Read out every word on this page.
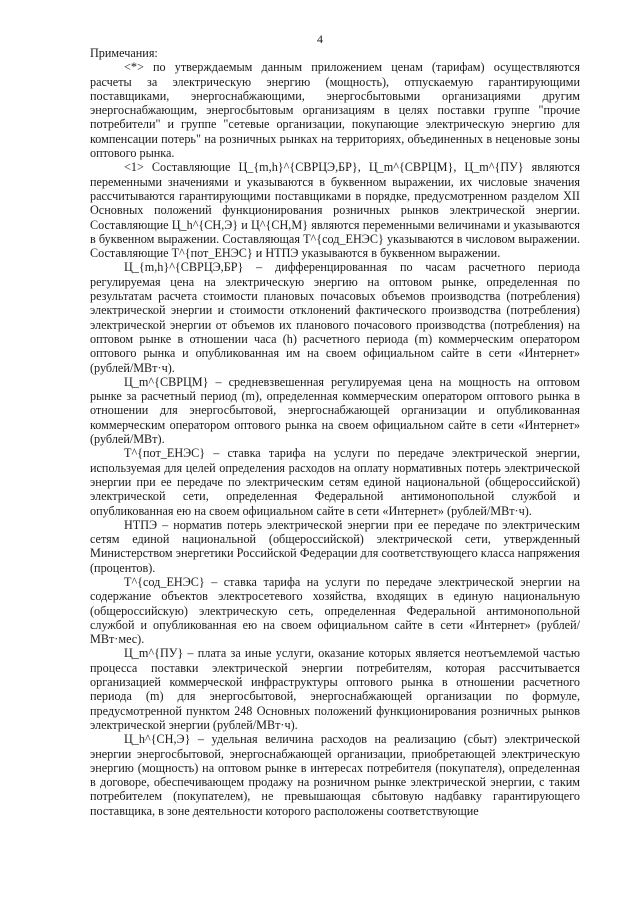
4

Примечания:

<*> по утверждаемым данным приложением ценам (тарифам) осуществляются расчеты за электрическую энергию (мощность), отпускаемую гарантирующими поставщиками, энергоснабжающими, энергосбытовыми организациями другим энергоснабжающим, энергосбытовым организациям в целях поставки группе "прочие потребители" и группе "сетевые организации, покупающие электрическую энергию для компенсации потерь" на розничных рынках на территориях, объединенных в неценовые зоны оптового рынка.

<1> Составляющие Ц_{m,h}^{СВРЦЭ,БР}, Ц_m^{СВРЦМ}, Ц_m^{ПУ} являются переменными значениями и указываются в буквенном выражении, их числовые значения рассчитываются гарантирующими поставщиками в порядке, предусмотренном разделом XII Основных положений функционирования розничных рынков электрической энергии. Составляющие Ц_h^{СН,Э} и Ц^{СН,М} являются переменными величинами и указываются в буквенном выражении. Составляющая T^{сод_ЕНЭС} указываются в числовом выражении. Составляющие T^{пот_ЕНЭС} и НТПЭ указываются в буквенном выражении.

Ц_{m,h}^{СВРЦЭ,БР} – дифференцированная по часам расчетного периода регулируемая цена на электрическую энергию на оптовом рынке, определенная по результатам расчета стоимости плановых почасовых объемов производства (потребления) электрической энергии и стоимости отклонений фактического производства (потребления) электрической энергии от объемов их планового почасового производства (потребления) на оптовом рынке в отношении часа (h) расчетного периода (m) коммерческим оператором оптового рынка и опубликованная им на своем официальном сайте в сети «Интернет» (рублей/МВт·ч).

Ц_m^{СВРЦМ} – средневзвешенная регулируемая цена на мощность на оптовом рынке за расчетный период (m), определенная коммерческим оператором оптового рынка в отношении для энергосбытовой, энергоснабжающей организации и опубликованная коммерческим оператором оптового рынка на своем официальном сайте в сети «Интернет» (рублей/МВт).

T^{пот_ЕНЭС} – ставка тарифа на услуги по передаче электрической энергии, используемая для целей определения расходов на оплату нормативных потерь электрической энергии при ее передаче по электрическим сетям единой национальной (общероссийской) электрической сети, определенная Федеральной антимонопольной службой и опубликованная ею на своем официальном сайте в сети «Интернет» (рублей/МВт·ч).

НТПЭ – норматив потерь электрической энергии при ее передаче по электрическим сетям единой национальной (общероссийской) электрической сети, утвержденный Министерством энергетики Российской Федерации для соответствующего класса напряжения (процентов).

T^{сод_ЕНЭС} – ставка тарифа на услуги по передаче электрической энергии на содержание объектов электросетевого хозяйства, входящих в единую национальную (общероссийскую) электрическую сеть, определенная Федеральной антимонопольной службой и опубликованная ею на своем официальном сайте в сети «Интернет» (рублей/МВт·мес).

Ц_m^{ПУ} – плата за иные услуги, оказание которых является неотъемлемой частью процесса поставки электрической энергии потребителям, которая рассчитывается организацией коммерческой инфраструктуры оптового рынка в отношении расчетного периода (m) для энергосбытовой, энергоснабжающей организации по формуле, предусмотренной пунктом 248 Основных положений функционирования розничных рынков электрической энергии (рублей/МВт·ч).

Ц_h^{СН,Э} – удельная величина расходов на реализацию (сбыт) электрической энергии энергосбытовой, энергоснабжающей организации, приобретающей электрическую энергию (мощность) на оптовом рынке в интересах потребителя (покупателя), определенная в договоре, обеспечивающем продажу на розничном рынке электрической энергии, с таким потребителем (покупателем), не превышающая сбытовую надбавку гарантирующего поставщика, в зоне деятельности которого расположены соответствующие
